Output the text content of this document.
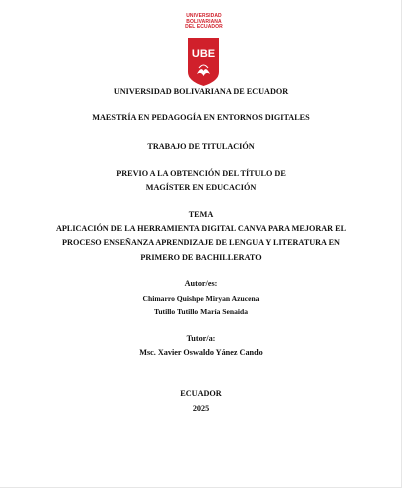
UNIVERSIDAD
BOLIVARIANA
DEL ECUADOR
UBE
UNIVERSIDAD BOLIVARIANA DE ECUADOR
MAESTRÍA EN PEDAGOGÍA EN ENTORNOS DIGITALES
TRABAJO DE TITULACIÓN
PREVIO A LA OBTENCIÓN DEL TÍTULO DE
MAGÍSTER EN EDUCACIÓN
TEMA
APLICACIÓN DE LA HERRAMIENTA DIGITAL CANVA PARA MEJORAR EL
PROCESO ENSEÑANZA APRENDIZAJE DE LENGUA Y LITERATURA EN
PRIMERO DE BACHILLERATO
Autor/es:
Chimarro Quishpe Miryan Azucena
Tutillo Tutillo María Senaida
Tutor/a:
Msc. Xavier Oswaldo Yánez Cando
ECUADOR
2025
